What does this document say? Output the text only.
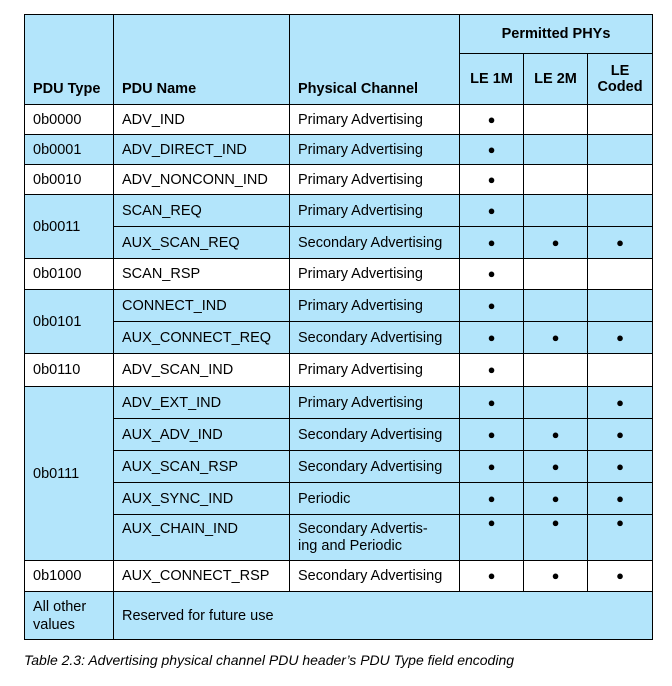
PDU Type	PDU Name	Physical Channel	Permitted PHYs		
			LE 1M	LE 2M	LE Coded
0b0000	ADV_IND	Primary Advertising	●		
0b0001	ADV_DIRECT_IND	Primary Advertising	●		
0b0010	ADV_NONCONN_IND	Primary Advertising	●		
0b0011	SCAN_REQ	Primary Advertising	●		
	AUX_SCAN_REQ	Secondary Advertising	●	●	●
0b0100	SCAN_RSP	Primary Advertising	●		
0b0101	CONNECT_IND	Primary Advertising	●		
	AUX_CONNECT_REQ	Secondary Advertising	●	●	●
0b0110	ADV_SCAN_IND	Primary Advertising	●		
0b0111	ADV_EXT_IND	Primary Advertising	●		●
	AUX_ADV_IND	Secondary Advertising	●	●	●
	AUX_SCAN_RSP	Secondary Advertising	●	●	●
	AUX_SYNC_IND	Periodic	●	●	●
	AUX_CHAIN_IND	Secondary Advertis-
ing and Periodic	●	●	●
0b1000	AUX_CONNECT_RSP	Secondary Advertising	●	●	●

All other
values	Reserved for future use				
Table 2.3: Advertising physical channel PDU header’s PDU Type field encoding
